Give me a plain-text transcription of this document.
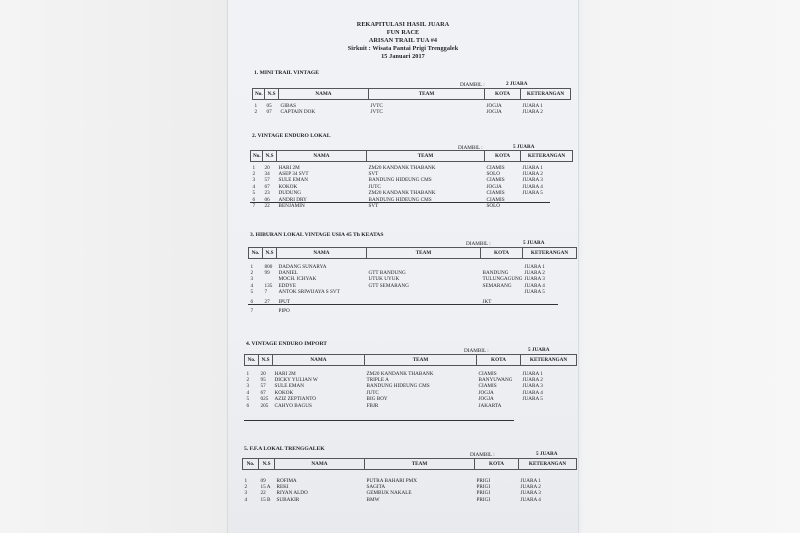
REKAPITULASI HASIL JUARA
FUN RACE
ARISAN TRAIL TUA #4
Sirkuit : Wisata Pantai Prigi Trenggalek
15 Januari 2017
1. MINI TRAIL VINTAGE
DIAMBIL :	2 JUARA
No.	N.S	NAMA	TEAM	KOTA	KETERANGAN

1	05	GIBAS	JVTC	JOGJA	JUARA 1
2	07	CAPTAIN DOK	JVTC	JOGJA	JUARA 2
2. VINTAGE ENDURO LOKAL
DIAMBIL :	5 JUARA
No.	N.S	NAMA	TEAM	KOTA	KETERANGAN

1	20	HARI 2M	ZM20 KANDANK THABANK	CIAMIS	JUARA 1
2	34	ASEP 34 SVT	SVT	SOLO	JUARA 2
3	57	SULE EMAN	BANDUNG HIDEUNG CMS	CIAMIS	JUARA 3
4	67	KOKOK	JUTC	JOGJA	JUARA 4
5	23	DUDUNG	ZM20 KANDANK THABANK	CIAMIS	JUARA 5
6	06	ANDRI DRY	BANDUNG HIDEUNG CMS	CIAMIS	
7	22	BENJAMIN	SVT	SOLO	
3. HIBURAN LOKAL VINTAGE USIA 45 Th KEATAS
DIAMBIL :	5 JUARA
No.	N.S	NAMA	TEAM	KOTA	KETERANGAN

1	800	DADANG SUNARYA			JUARA 1
2	99	DANIEL	GTT BANDUNG	BANDUNG	JUARA 2
3		MOCH. ICHYAK	UTUK UYUK	TULUNGAGUNG	JUARA 3
4	135	EDDYE	GTT SEMARANG	SEMARANG	JUARA 4
5	7	ANTOK SRIWIJAYA S SVT			JUARA 5

6	27	IPUT		JKT	

7		PIPO			
4. VINTAGE ENDURO IMPORT
DIAMBIL :	5 JUARA
No.	N.S	NAMA	TEAM	KOTA	KETERANGAN

1	20	HARI 2M	ZM20 KANDANK THABANK	CIAMIS	JUARA 1
2	95	DICKY YULIAN W	TRIPLE A	BANYUWANG	JUARA 2
3	57	SULE EMAN	BANDUNG HIDEUNG CMS	CIAMIS	JUARA 3
4	67	KOKOK	JUTC	JOGJA	JUARA 4
5	025	AZIZ ZEPTIANTO	BIG BOY	JOGJA	JUARA 5
6	205	CAHYO BAGUS	FBJR	JAKARTA	
5. F.F.A LOKAL TRENGGALEK
DIAMBIL :	5 JUARA
No.	N.S	NAMA	TEAM	KOTA	KETERANGAN

1	09	ROFIMA	PUTRA BAHARI PMX	PRIGI	JUARA 1
2	15 A	REKI	SAGITA	PRIGI	JUARA 2
3	22	RIYAN ALDO	GEMBUK NAKALE	PRIGI	JUARA 3
4	15 B	SUBAKIR	BMW	PRIGI	JUARA 4
